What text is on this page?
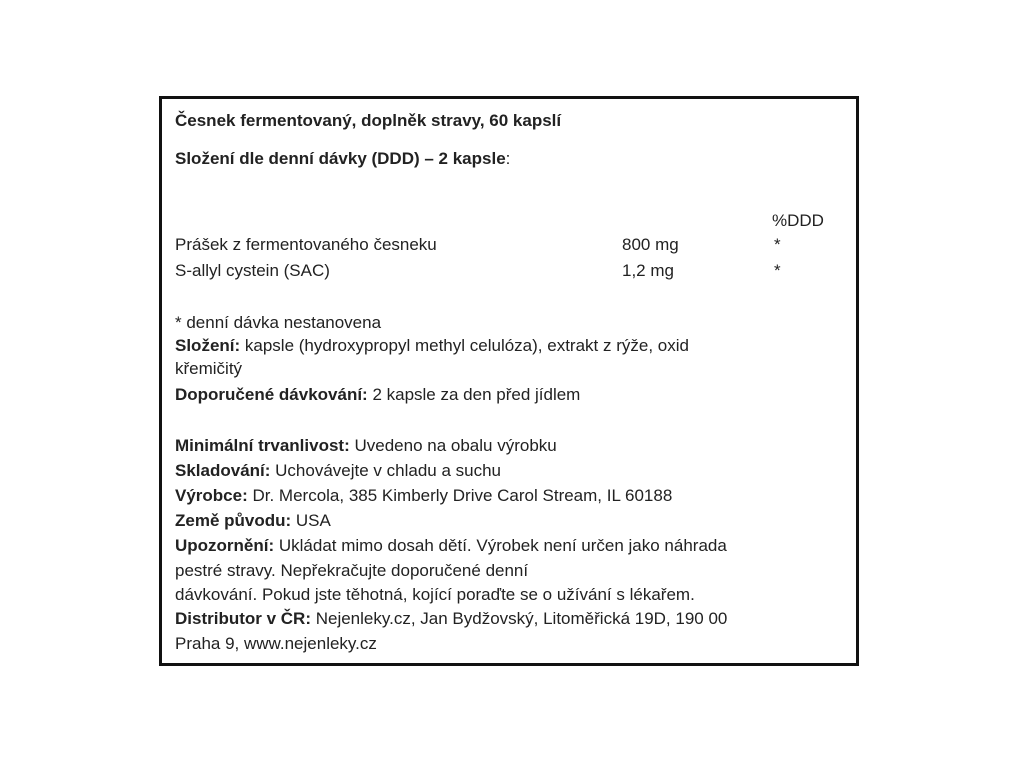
Česnek fermentovaný, doplněk stravy, 60 kapslí
Složení dle denní dávky (DDD) – 2 kapsle:
%DDD
Prášek z fermentovaného česneku	800 mg	*
S-allyl cystein (SAC)	1,2 mg	*
* denní dávka nestanovena
Složení: kapsle (hydroxypropyl methyl celulóza), extrakt z rýže, oxid
křemičitý
Doporučené dávkování: 2 kapsle za den před jídlem
Minimální trvanlivost: Uvedeno na obalu výrobku
Skladování: Uchovávejte v chladu a suchu
Výrobce: Dr. Mercola, 385 Kimberly Drive Carol Stream, IL 60188
Země původu: USA
Upozornění: Ukládat mimo dosah dětí. Výrobek není určen jako náhrada
pestré stravy. Nepřekračujte doporučené denní
dávkování. Pokud jste těhotná, kojící poraďte se o užívání s lékařem.
Distributor v ČR: Nejenleky.cz, Jan Bydžovský, Litoměřická 19D, 190 00
Praha 9, www.nejenleky.cz
